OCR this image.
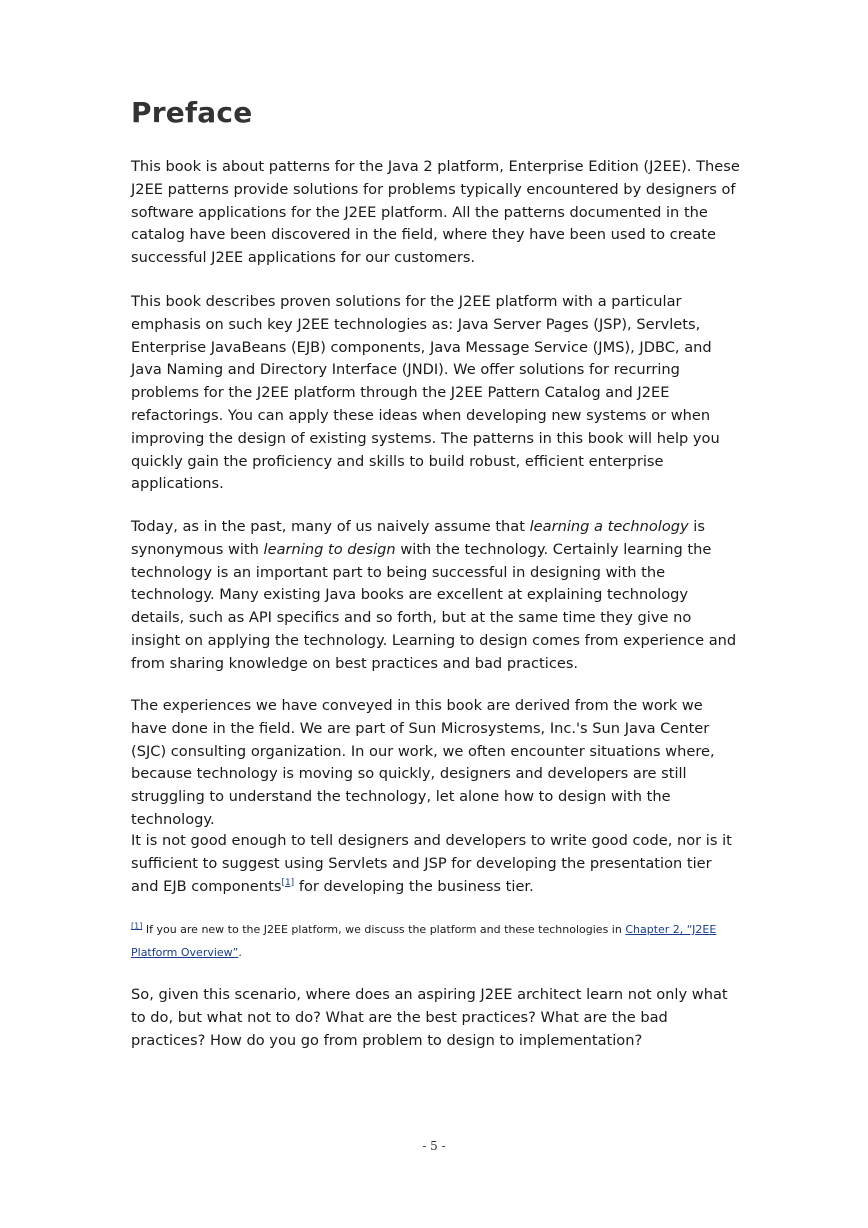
Preface

This book is about patterns for the Java 2 platform, Enterprise Edition (J2EE). These J2EE patterns provide solutions for problems typically encountered by designers of software applications for the J2EE platform. All the patterns documented in the catalog have been discovered in the field, where they have been used to create successful J2EE applications for our customers.

This book describes proven solutions for the J2EE platform with a particular emphasis on such key J2EE technologies as: Java Server Pages (JSP), Servlets, Enterprise JavaBeans (EJB) components, Java Message Service (JMS), JDBC, and Java Naming and Directory Interface (JNDI). We offer solutions for recurring problems for the J2EE platform through the J2EE Pattern Catalog and J2EE refactorings. You can apply these ideas when developing new systems or when improving the design of existing systems. The patterns in this book will help you quickly gain the proficiency and skills to build robust, efficient enterprise applications.

Today, as in the past, many of us naively assume that learning a technology is synonymous with learning to design with the technology. Certainly learning the technology is an important part to being successful in designing with the technology. Many existing Java books are excellent at explaining technology details, such as API specifics and so forth, but at the same time they give no insight on applying the technology. Learning to design comes from experience and from sharing knowledge on best practices and bad practices.

The experiences we have conveyed in this book are derived from the work we have done in the field. We are part of Sun Microsystems, Inc.'s Sun Java Center (SJC) consulting organization. In our work, we often encounter situations where, because technology is moving so quickly, designers and developers are still struggling to understand the technology, let alone how to design with the technology.

It is not good enough to tell designers and developers to write good code, nor is it sufficient to suggest using Servlets and JSP for developing the presentation tier and EJB components[1] for developing the business tier.

[1] If you are new to the J2EE platform, we discuss the platform and these technologies in Chapter 2, “J2EE Platform Overview”.

So, given this scenario, where does an aspiring J2EE architect learn not only what to do, but what not to do? What are the best practices? What are the bad practices? How do you go from problem to design to implementation?

- 5 -
